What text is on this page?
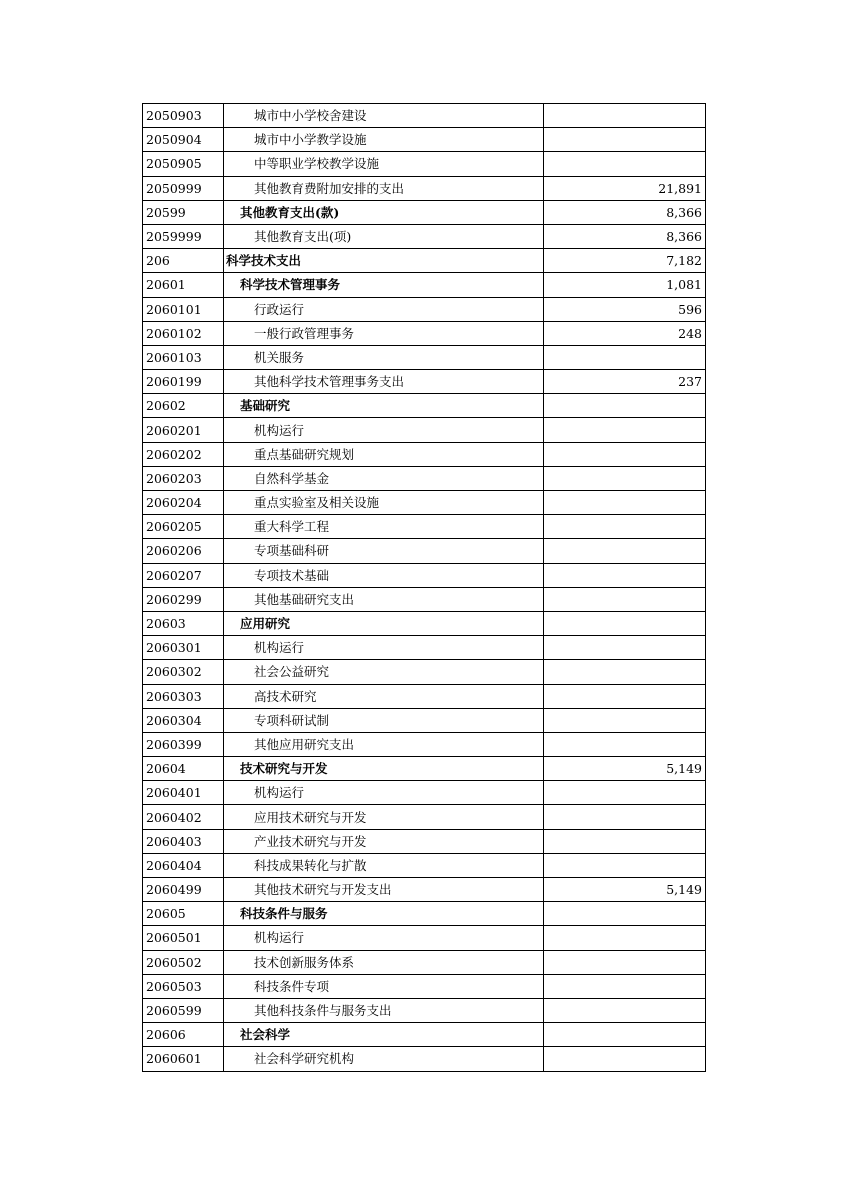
2050903	城市中小学校舍建设	
2050904	城市中小学教学设施	
2050905	中等职业学校教学设施	
2050999	其他教育费附加安排的支出	21,891
20599	其他教育支出(款)	8,366
2059999	其他教育支出(项)	8,366
206	科学技术支出	7,182
20601	科学技术管理事务	1,081
2060101	行政运行	596
2060102	一般行政管理事务	248
2060103	机关服务	
2060199	其他科学技术管理事务支出	237
20602	基础研究	
2060201	机构运行	
2060202	重点基础研究规划	
2060203	自然科学基金	
2060204	重点实验室及相关设施	
2060205	重大科学工程	
2060206	专项基础科研	
2060207	专项技术基础	
2060299	其他基础研究支出	
20603	应用研究	
2060301	机构运行	
2060302	社会公益研究	
2060303	高技术研究	
2060304	专项科研试制	
2060399	其他应用研究支出	
20604	技术研究与开发	5,149
2060401	机构运行	
2060402	应用技术研究与开发	
2060403	产业技术研究与开发	
2060404	科技成果转化与扩散	
2060499	其他技术研究与开发支出	5,149
20605	科技条件与服务	
2060501	机构运行	
2060502	技术创新服务体系	
2060503	科技条件专项	
2060599	其他科技条件与服务支出	
20606	社会科学	
2060601	社会科学研究机构	
